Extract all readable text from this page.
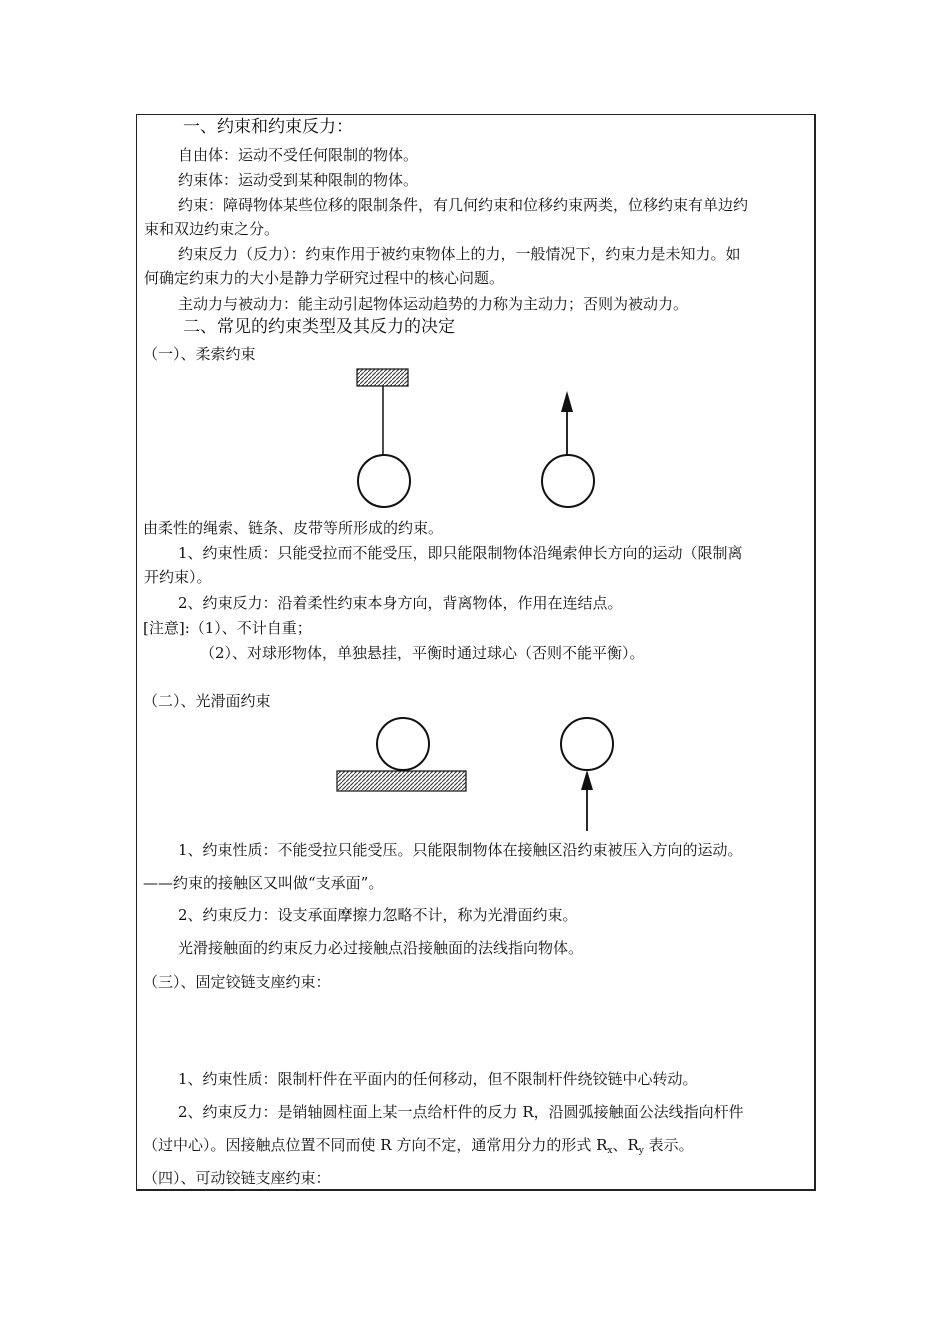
一、约束和约束反力：
自由体：运动不受任何限制的物体。
约束体：运动受到某种限制的物体。
约束：障碍物体某些位移的限制条件，有几何约束和位移约束两类，位移约束有单边约
束和双边约束之分。
约束反力（反力）：约束作用于被约束物体上的力，一般情况下，约束力是未知力。如
何确定约束力的大小是静力学研究过程中的核心问题。
主动力与被动力：能主动引起物体运动趋势的力称为主动力；否则为被动力。
二、常见的约束类型及其反力的决定
（一）、柔索约束
由柔性的绳索、链条、皮带等所形成的约束。
1、约束性质：只能受拉而不能受压，即只能限制物体沿绳索伸长方向的运动（限制离
开约束）。
2、约束反力：沿着柔性约束本身方向，背离物体，作用在连结点。
[注意]:（1）、不计自重；
（2）、对球形物体，单独悬挂，平衡时通过球心（否则不能平衡）。
（二）、光滑面约束
1、约束性质：不能受拉只能受压。只能限制物体在接触区沿约束被压入方向的运动。
——约束的接触区又叫做“支承面”。
2、约束反力：设支承面摩擦力忽略不计，称为光滑面约束。
光滑接触面的约束反力必过接触点沿接触面的法线指向物体。
（三）、固定铰链支座约束：
1、约束性质：限制杆件在平面内的任何移动，但不限制杆件绕铰链中心转动。
2、约束反力：是销轴圆柱面上某一点给杆件的反力 R，沿圆弧接触面公法线指向杆件
（过中心）。因接触点位置不同而使 R 方向不定，通常用分力的形式 $R_x$、$R_y$ 表示。
（四）、可动铰链支座约束：
